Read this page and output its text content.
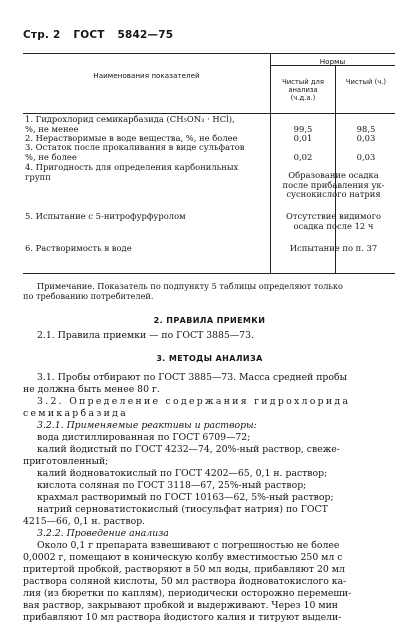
Стр. 2 ГОСТ 5842—75
Наименования показателей
Нормы
Чистый для анализа (ч.д.а.)
Чистый (ч.)
1. Гидрохлорид семикарбазида (CH₅ON₃ · HCl),
%, не менее	99,5	98,5
2. Нерастворимые в воде вещества, %, не более	0,01	0,03
3. Остаток после прокаливания в виде сульфатов
%, не более	0,02	0,03
4. Пригодность для определения карбонильных
групп	Образование осадка
после прибавления ук-
суснокислого натрия
5. Испытание с 5-нитрофурфуролом	Отсутствие видимого
осадка после 12 ч
6. Растворимость в воде	Испытание по п. 37
Примечание. Показатель по подпункту 5 таблицы определяют только
по требованию потребителей.
2. ПРАВИЛА ПРИЕМКИ
2.1. Правила приемки — по ГОСТ 3885—73.
3. МЕТОДЫ АНАЛИЗА
3.1. Пробы отбирают по ГОСТ 3885—73. Масса средней пробы
не должна быть менее 80 г.
3.2. Определение содержания гидрохлорида
семикарбазида
3.2.1. Применяемые реактивы и растворы:
вода дистиллированная по ГОСТ 6709—72;
калий йодистый по ГОСТ 4232—74, 20%-ный раствор, свеже-
приготовленный;
калий йодноватокислый по ГОСТ 4202—65, 0,1 н. раствор;
кислота соляная по ГОСТ 3118—67, 25%-ный раствор;
крахмал растворимый по ГОСТ 10163—62, 5%-ный раствор;
натрий серноватистокислый (тиосульфат натрия) по ГОСТ
4215—66, 0,1 н. раствор.
3.2.2. Проведение анализа
Около 0,1 г препарата взвешивают с погрешностью не более
0,0002 г, помещают в коническую колбу вместимостью 250 мл с
притертой пробкой, растворяют в 50 мл воды, прибавляют 20 мл
раствора соляной кислоты, 50 мл раствора йодноватокислого ка-
лия (из бюретки по каплям), периодически осторожно перемеши-
вая раствор, закрывают пробкой и выдерживают. Через 10 мин
прибавляют 10 мл раствора йодистого калия и титруют выдели-
